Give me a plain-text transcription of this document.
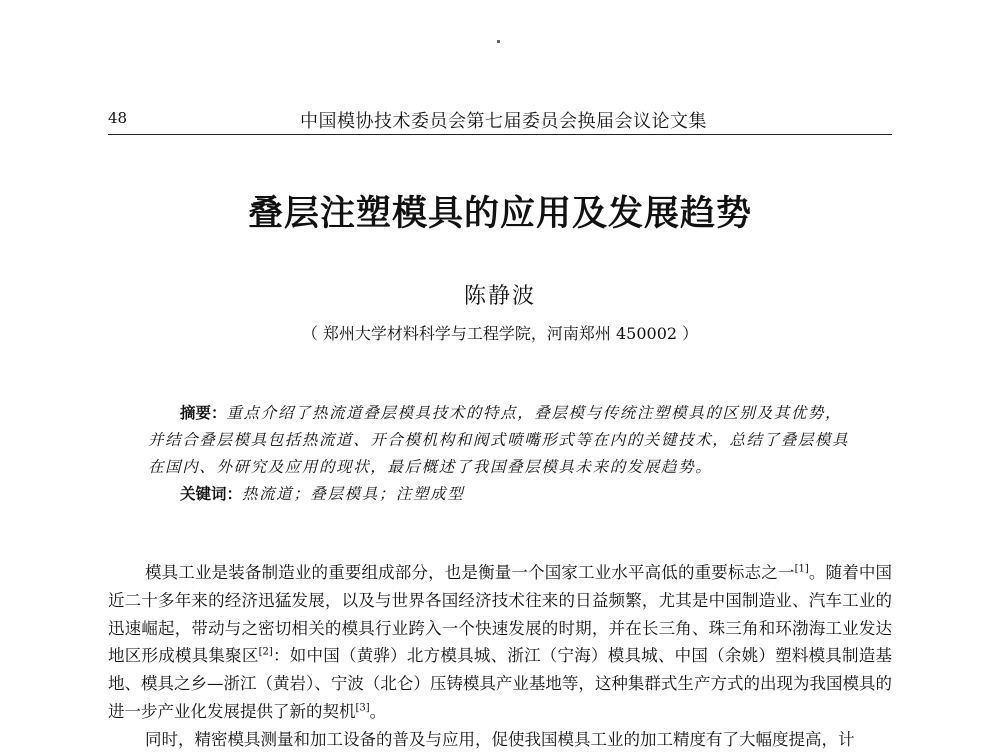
48	中国模协技术委员会第七届委员会换届会议论文集
叠层注塑模具的应用及发展趋势
陈静波
（ 郑州大学材料科学与工程学院，河南郑州 450002 ）

摘要：重点介绍了热流道叠层模具技术的特点，叠层模与传统注塑模具的区别及其优势，

并结合叠层模具包括热流道、开合模机构和阀式喷嘴形式等在内的关键技术，总结了叠层模具

在国内、外研究及应用的现状，最后概述了我国叠层模具未来的发展趋势。

关键词：热流道；叠层模具；注塑成型

模具工业是装备制造业的重要组成部分，也是衡量一个国家工业水平高低的重要标志之一[1]。随着中国近二十多年来的经济迅猛发展，以及与世界各国经济技术往来的日益频繁，尤其是中国制造业、汽车工业的迅速崛起，带动与之密切相关的模具行业跨入一个快速发展的时期，并在长三角、珠三角和环渤海工业发达地区形成模具集聚区[2]：如中国（黄骅）北方模具城、浙江（宁海）模具城、中国（余姚）塑料模具制造基地、模具之乡—浙江（黄岩）、宁波（北仑）压铸模具产业基地等，这种集群式生产方式的出现为我国模具的进一步产业化发展提供了新的契机[3]。

同时，精密模具测量和加工设备的普及与应用，促使我国模具工业的加工精度有了大幅度提高，计
